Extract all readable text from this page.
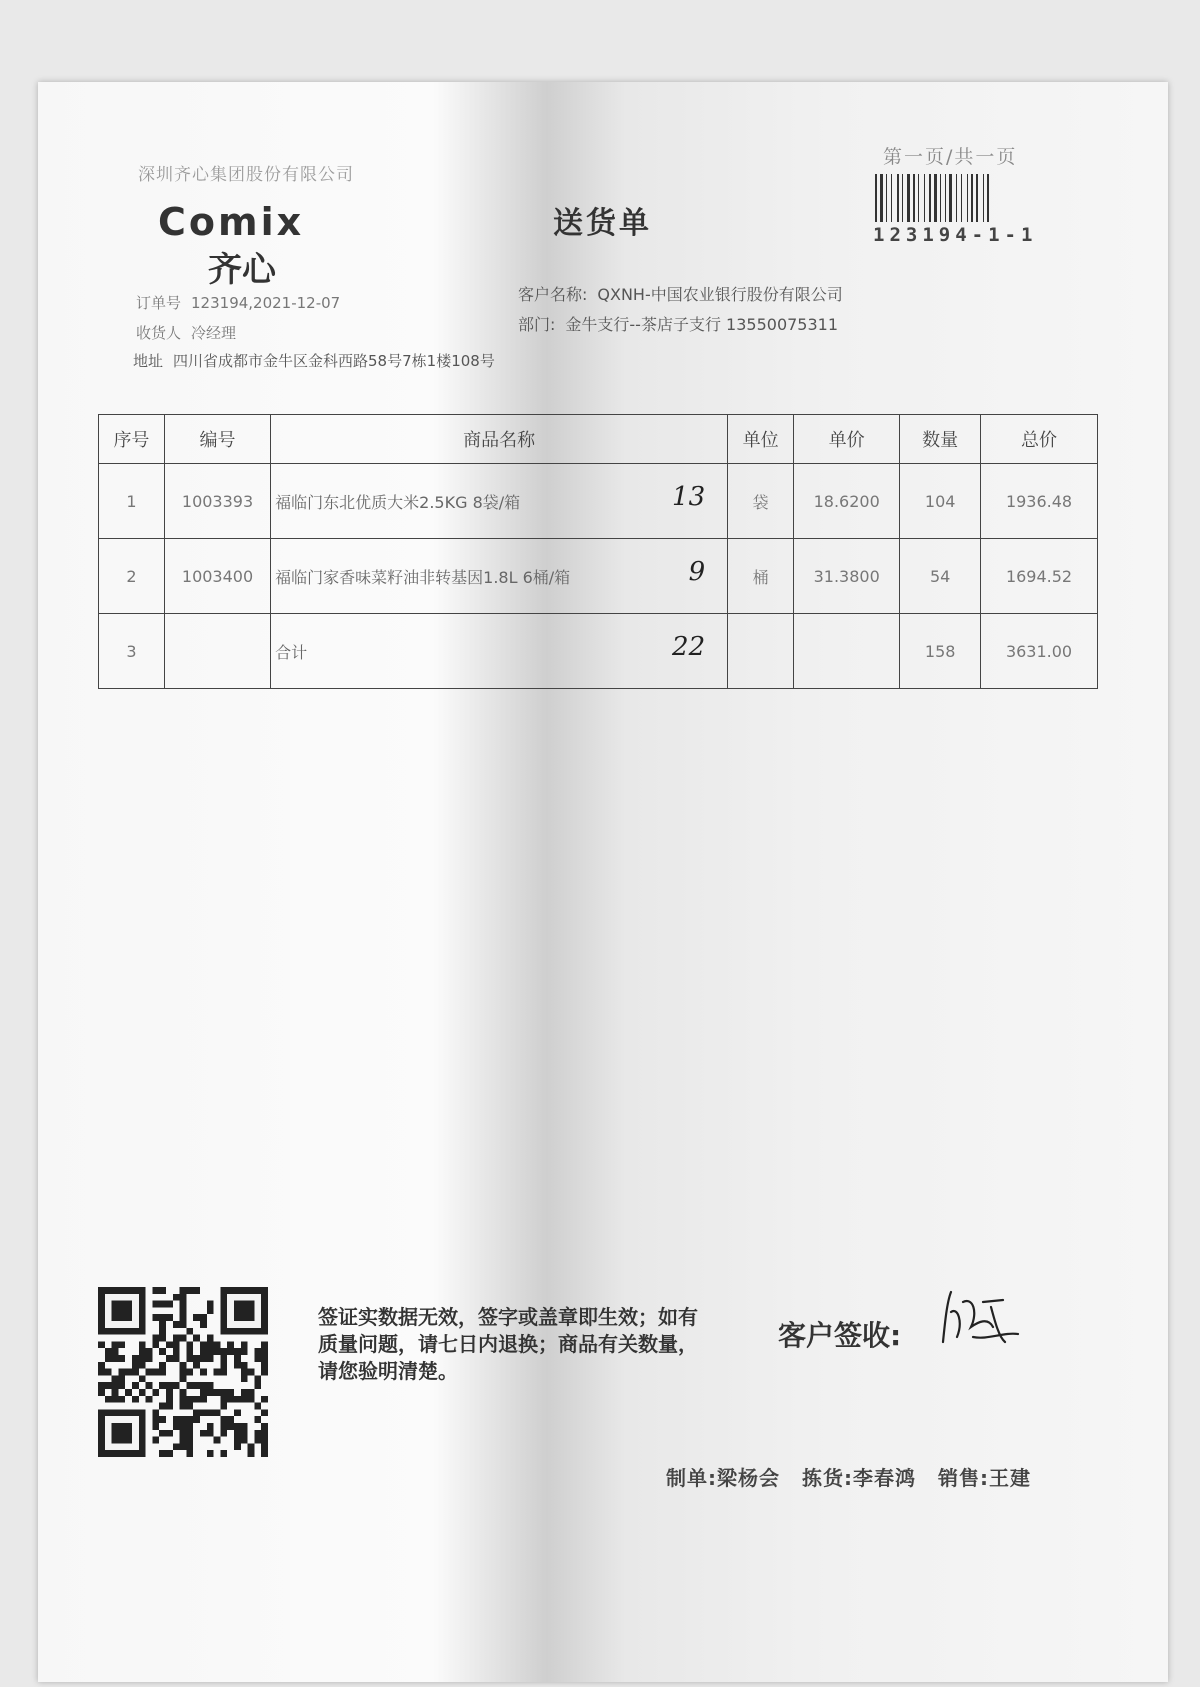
深圳齐心集团股份有限公司
Comix
齐心
送货单
第一页/共一页
123194-1-1
订单号 123194,2021-12-07
收货人 冷经理
地址 四川省成都市金牛区金科西路58号7栋1楼108号
客户名称: QXNH-中国农业银行股份有限公司
部门: 金牛支行--茶店子支行 13550075311
序号	编号	商品名称	单位	单价	数量	总价
1	1003393	福临门东北优质大米2.5KG 8袋/箱 13	袋	18.6200	104	1936.48
2	1003400	福临门家香味菜籽油非转基因1.8L 6桶/箱 9	桶	31.3800	54	1694.52
3		合计 22			158	3631.00
签证实数据无效，签字或盖章即生效；如有质量问题，请七日内退换；商品有关数量，请您验明清楚。
客户签收:
制单:梁杨会 拣货:李春鸿 销售:王建
